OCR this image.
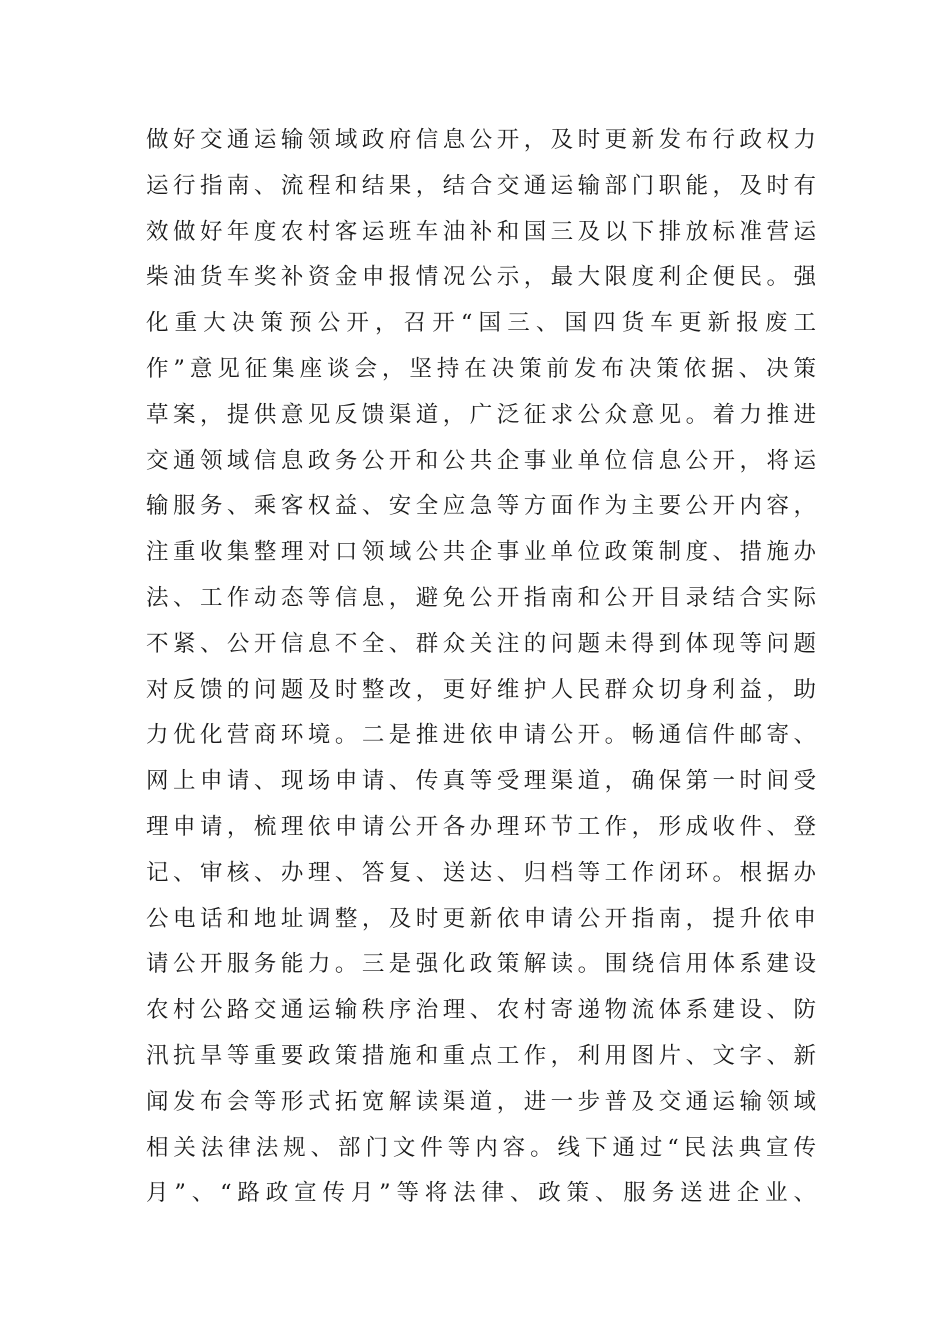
做好交通运输领域政府信息公开，及时更新发布行政权力
运行指南、流程和结果，结合交通运输部门职能，及时有
效做好年度农村客运班车油补和国三及以下排放标准营运
柴油货车奖补资金申报情况公示，最大限度利企便民。强
化重大决策预公开，召开“国三、国四货车更新报废工
作”意见征集座谈会，坚持在决策前发布决策依据、决策
草案，提供意见反馈渠道，广泛征求公众意见。着力推进
交通领域信息政务公开和公共企事业单位信息公开，将运
输服务、乘客权益、安全应急等方面作为主要公开内容，
注重收集整理对口领域公共企事业单位政策制度、措施办
法、工作动态等信息，避免公开指南和公开目录结合实际
不紧、公开信息不全、群众关注的问题未得到体现等问题
对反馈的问题及时整改，更好维护人民群众切身利益，助
力优化营商环境。二是推进依申请公开。畅通信件邮寄、
网上申请、现场申请、传真等受理渠道，确保第一时间受
理申请，梳理依申请公开各办理环节工作，形成收件、登
记、审核、办理、答复、送达、归档等工作闭环。根据办
公电话和地址调整，及时更新依申请公开指南，提升依申
请公开服务能力。三是强化政策解读。围绕信用体系建设
农村公路交通运输秩序治理、农村寄递物流体系建设、防
汛抗旱等重要政策措施和重点工作，利用图片、文字、新
闻发布会等形式拓宽解读渠道，进一步普及交通运输领域
相关法律法规、部门文件等内容。线下通过“民法典宣传
月”、“路政宣传月”等将法律、政策、服务送进企业、
